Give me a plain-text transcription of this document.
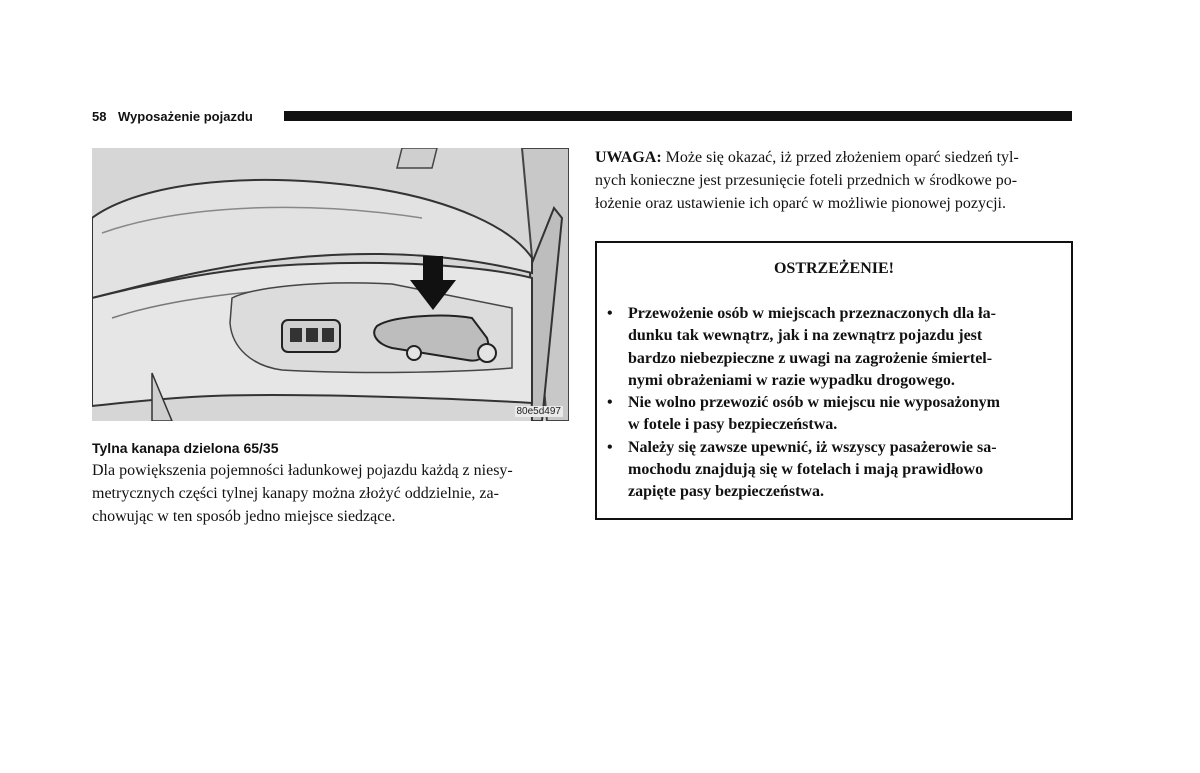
58 Wyposażenie pojazdu
80e5d497
Tylna kanapa dzielona 65/35
Dla powiększenia pojemności ładunkowej pojazdu każdą z niesy-
metrycznych części tylnej kanapy można złożyć oddzielnie, za-
chowując w ten sposób jedno miejsce siedzące.
UWAGA: Może się okazać, iż przed złożeniem oparć siedzeń tyl-
nych konieczne jest przesunięcie foteli przednich w środkowe po-
łożenie oraz ustawienie ich oparć w możliwie pionowej pozycji.
OSTRZEŻENIE!
• Przewożenie osób w miejscach przeznaczonych dla ła-
dunku tak wewnątrz, jak i na zewnątrz pojazdu jest
bardzo niebezpieczne z uwagi na zagrożenie śmiertel-
nymi obrażeniami w razie wypadku drogowego.
• Nie wolno przewozić osób w miejscu nie wyposażonym
w fotele i pasy bezpieczeństwa.
• Należy się zawsze upewnić, iż wszyscy pasażerowie sa-
mochodu znajdują się w fotelach i mają prawidłowo
zapięte pasy bezpieczeństwa.
